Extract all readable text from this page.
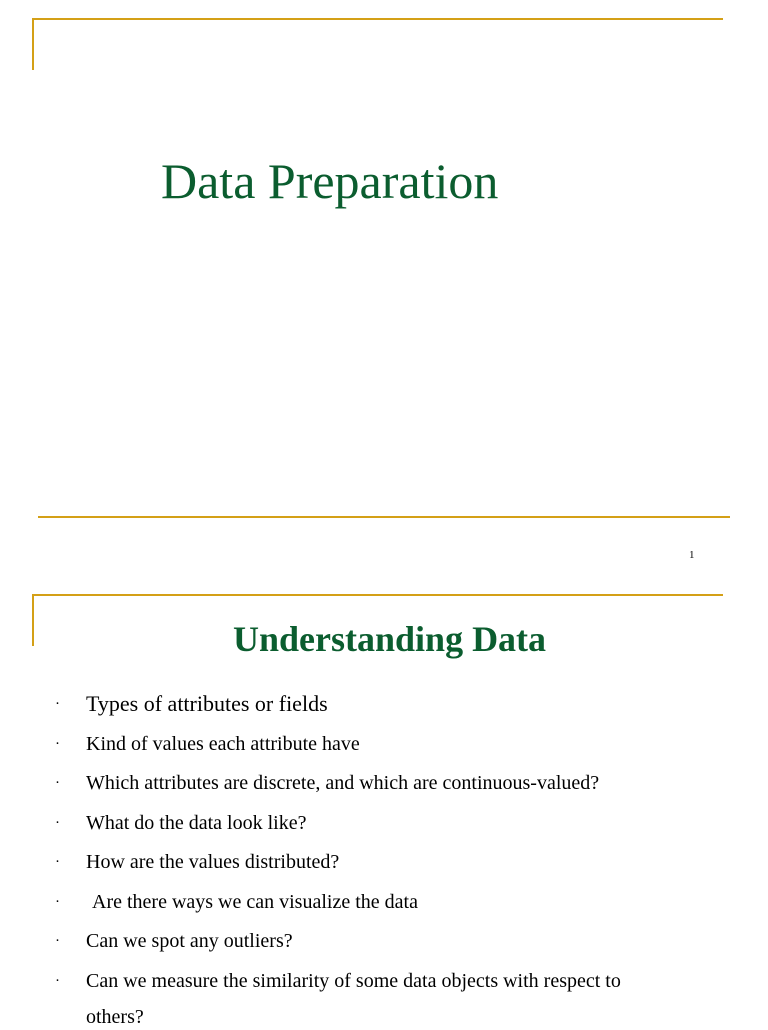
Data Preparation
1
Understanding Data
· Types of attributes or fields
· Kind of values each attribute have
· Which attributes are discrete, and which are continuous-valued?
· What do the data look like?
· How are the values distributed?
· Are there ways we can visualize the data
· Can we spot any outliers?
· Can we measure the similarity of some data objects with respect to
others?
